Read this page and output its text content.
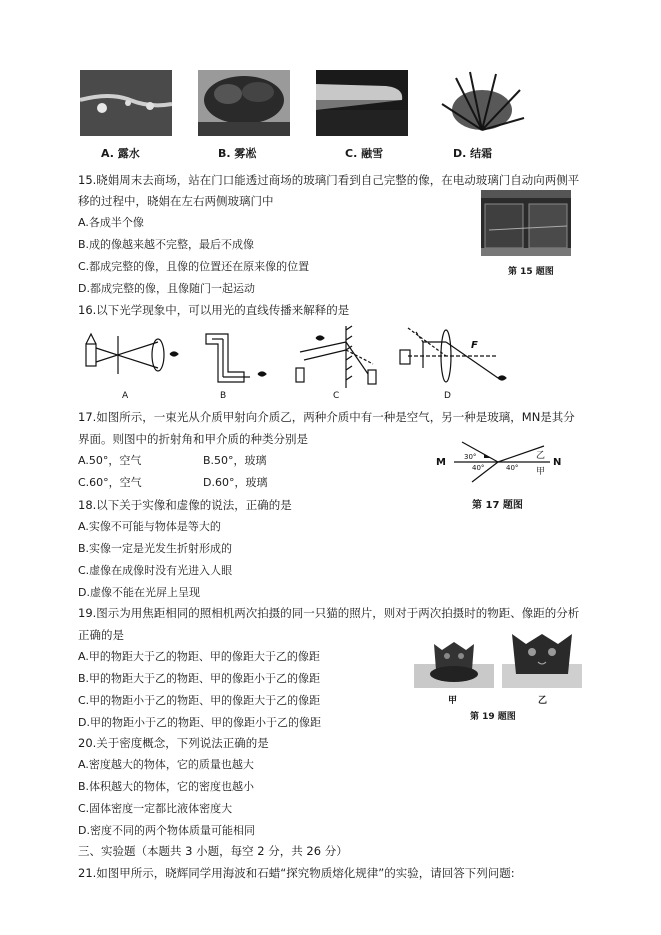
A. 露水	B. 雾凇	C. 融雪	D. 结霜
15.晓娟周末去商场，站在门口能透过商场的玻璃门看到自己完整的像，在电动玻璃门自动向两侧平
移的过程中，晓娟在左右两侧玻璃门中
A.各成半个像
B.成的像越来越不完整，最后不成像
C.都成完整的像，且像的位置还在原来像的位置
D.都成完整的像，且像随门一起运动
第 15 题图
16.以下光学现象中，可以用光的直线传播来解释的是
F
A	B	C	D
17.如图所示，一束光从介质甲射向介质乙，两种介质中有一种是空气，另一种是玻璃，MN是其分
界面。则图中的折射角和甲介质的种类分别是
A.50°，空气	B.50°，玻璃
C.60°，空气	D.60°，玻璃
M	N
30°
40°	40°
乙
甲
第 17 题图
18.以下关于实像和虚像的说法，正确的是
A.实像不可能与物体是等大的
B.实像一定是光发生折射形成的
C.虚像在成像时没有光进入人眼
D.虚像不能在光屏上呈现
19.图示为用焦距相同的照相机两次拍摄的同一只猫的照片，则对于两次拍摄时的物距、像距的分析
正确的是
A.甲的物距大于乙的物距、甲的像距大于乙的像距
B.甲的物距大于乙的物距、甲的像距小于乙的像距
C.甲的物距小于乙的物距、甲的像距大于乙的像距
D.甲的物距小于乙的物距、甲的像距小于乙的像距
甲	乙
第 19 题图
20.关于密度概念，下列说法正确的是
A.密度越大的物体，它的质量也越大
B.体积越大的物体，它的密度也越小
C.固体密度一定都比液体密度大
D.密度不同的两个物体质量可能相同
三、实验题（本题共 3 小题，每空 2 分，共 26 分）
21.如图甲所示，晓辉同学用海波和石蜡“探究物质熔化规律”的实验，请回答下列问题:
